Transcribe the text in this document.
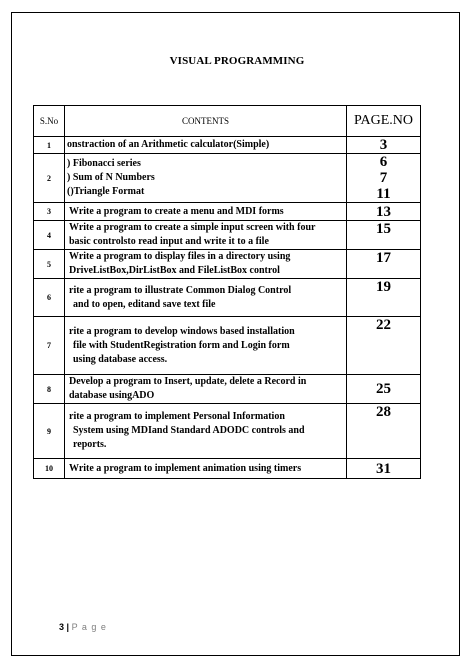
VISUAL PROGRAMMING
S.No	CONTENTS	PAGE.NO
1	onstraction of an Arithmetic calculator(Simple)	3

2	) Fibonacci series
) Sum of N Numbers
()Triangle Format	6
7
11

3	Write a program to create a menu and MDI forms	13

4	Write a program to create a simple input screen with four
basic controlsto read input and write it to a file	15

5	Write a program to display files in a directory using
DriveListBox,DirListBox and FileListBox control	17

6	rite a program to illustrate Common Dialog Control
and to open, editand save text file	19

7	rite a program to develop windows based installation
file with StudentRegistration form and Login form
using database access.	22

8	Develop a program to Insert, update, delete a Record in
database usingADO	25

9	rite a program to implement Personal Information
System using MDIand Standard ADODC controls and
reports.	28

10	Write a program to implement animation using timers	31
3 | P a g e
